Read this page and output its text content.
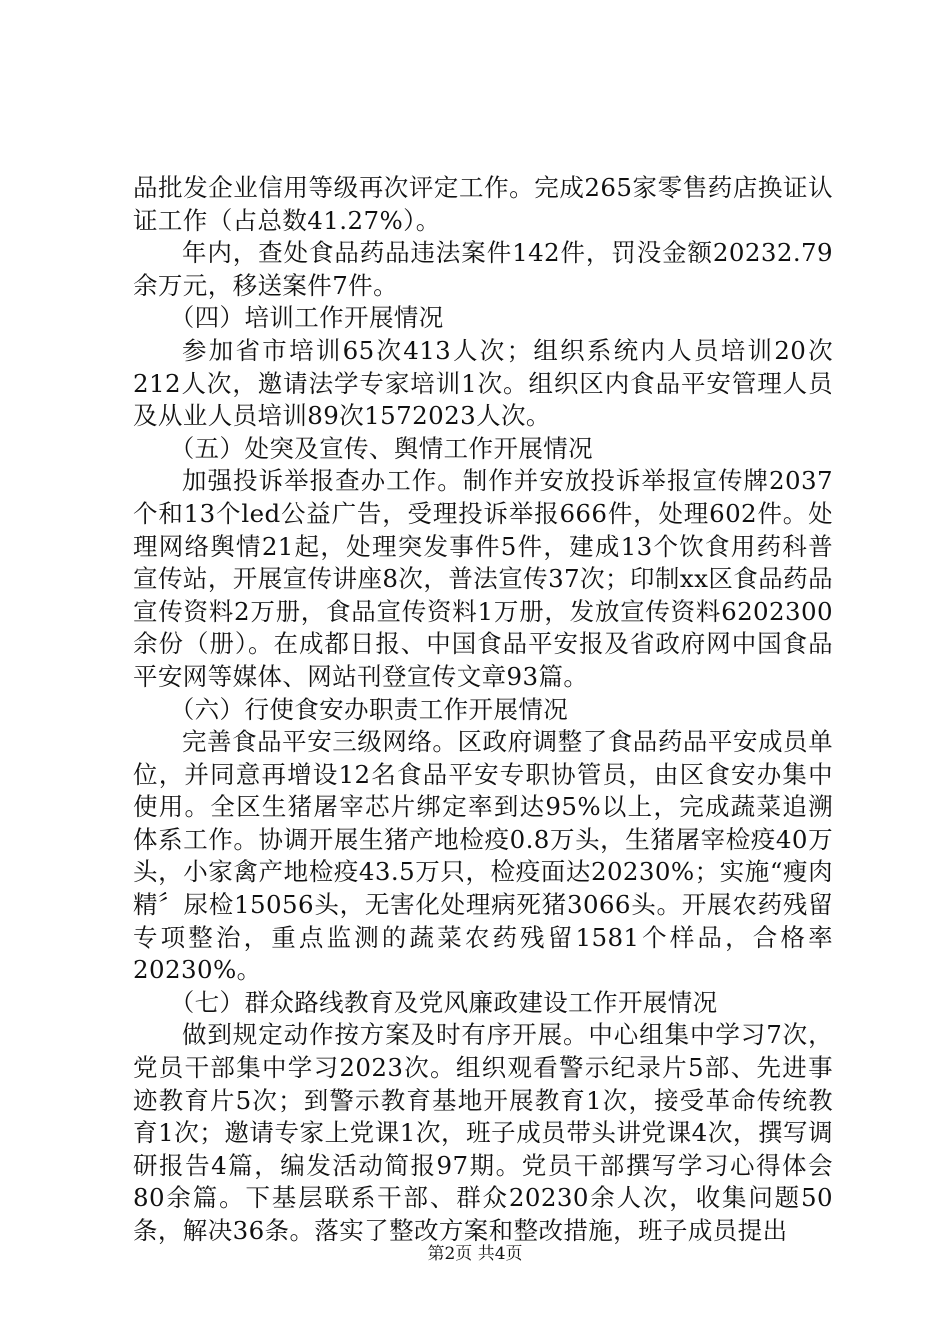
品批发企业信用等级再次评定工作。完成265家零售药店换证认证工作（占总数41.27%）。

年内，查处食品药品违法案件142件，罚没金额20232.79余万元，移送案件7件。

（四）培训工作开展情况

参加省市培训65次413人次；组织系统内人员培训20次212人次，邀请法学专家培训1次。组织区内食品平安管理人员及从业人员培训89次1572023人次。

（五）处突及宣传、舆情工作开展情况

加强投诉举报查办工作。制作并安放投诉举报宣传牌2037个和13个led公益广告，受理投诉举报666件，处理602件。处理网络舆情21起，处理突发事件5件，建成13个饮食用药科普宣传站，开展宣传讲座8次，普法宣传37次；印制xx区食品药品宣传资料2万册，食品宣传资料1万册，发放宣传资料6202300余份（册）。在成都日报、中国食品平安报及省政府网中国食品平安网等媒体、网站刊登宣传文章93篇。

（六）行使食安办职责工作开展情况

完善食品平安三级网络。区政府调整了食品药品平安成员单位，并同意再增设12名食品平安专职协管员，由区食安办集中使用。全区生猪屠宰芯片绑定率到达95%以上，完成蔬菜追溯体系工作。协调开展生猪产地检疫0.8万头，生猪屠宰检疫40万头，小家禽产地检疫43.5万只，检疫面达20230%；实施“瘦肉精〞尿检15056头，无害化处理病死猪3066头。开展农药残留专项整治，重点监测的蔬菜农药残留1581个样品，合格率20230%。

（七）群众路线教育及党风廉政建设工作开展情况

做到规定动作按方案及时有序开展。中心组集中学习7次，党员干部集中学习2023次。组织观看警示纪录片5部、先进事迹教育片5次；到警示教育基地开展教育1次，接受革命传统教育1次；邀请专家上党课1次，班子成员带头讲党课4次，撰写调研报告4篇，编发活动简报97期。党员干部撰写学习心得体会80余篇。下基层联系干部、群众20230余人次，收集问题50条，解决36条。落实了整改方案和整改措施，班子成员提出

第2页 共4页
